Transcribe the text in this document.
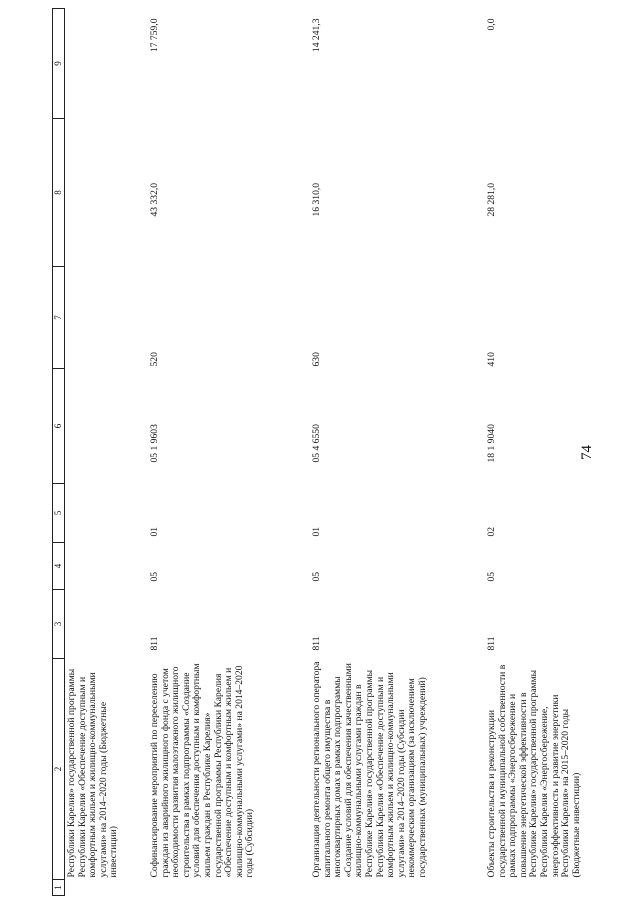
74
1	2	3	4	5	6	7	8	9
	Республики Карелия» государственной программы Республики Карелия «Обеспечение доступным и комфортным жильем и жилищно-коммунальными услугами» на 2014–2020 годы (Бюджетные инвестиции)							
	Софинансирование мероприятий по переселению граждан из аварийного жилищного фонда с учетом необходимости развития малоэтажного жилищного строительства в рамках подпрограммы «Создание условий для обеспечения доступным и комфортным жильем граждан в Республике Карелия» государственной программы Республики Карелия «Обеспечение доступным и комфортным жильем и жилищно-коммунальными услугами» на 2014–2020 годы (Субсидии)	811	05	01	05 1 9603	520	43 332,0	17 759,0
	Организация деятельности регионального оператора капитального ремонта общего имущества в многоквартирных домах в рамках подпрограммы «Создание условий для обеспечения качественными жилищно-коммунальными услугами граждан в Республике Карелия» государственной программы Республики Карелия «Обеспечение доступным и комфортным жильем и жилищно-коммунальными услугами» на 2014–2020 годы (Субсидии некоммерческим организациям (за исключением государственных (муниципальных) учреждений)	811	05	01	05 4 6550	630	16 310,0	14 241,3
	Объекты строительства и реконструкции государственной и муниципальной собственности в рамках подпрограммы «Энергосбережение и повышение энергетической эффективности в Республике Карелия» государственной программы Республики Карелия «Энергосбережение, энергоэффективность и развитие энергетики Республики Карелия» на 2015–2020 годы (Бюджетные инвестиции)	811	05	02	18 1 9040	410	28 281,0	0,0
